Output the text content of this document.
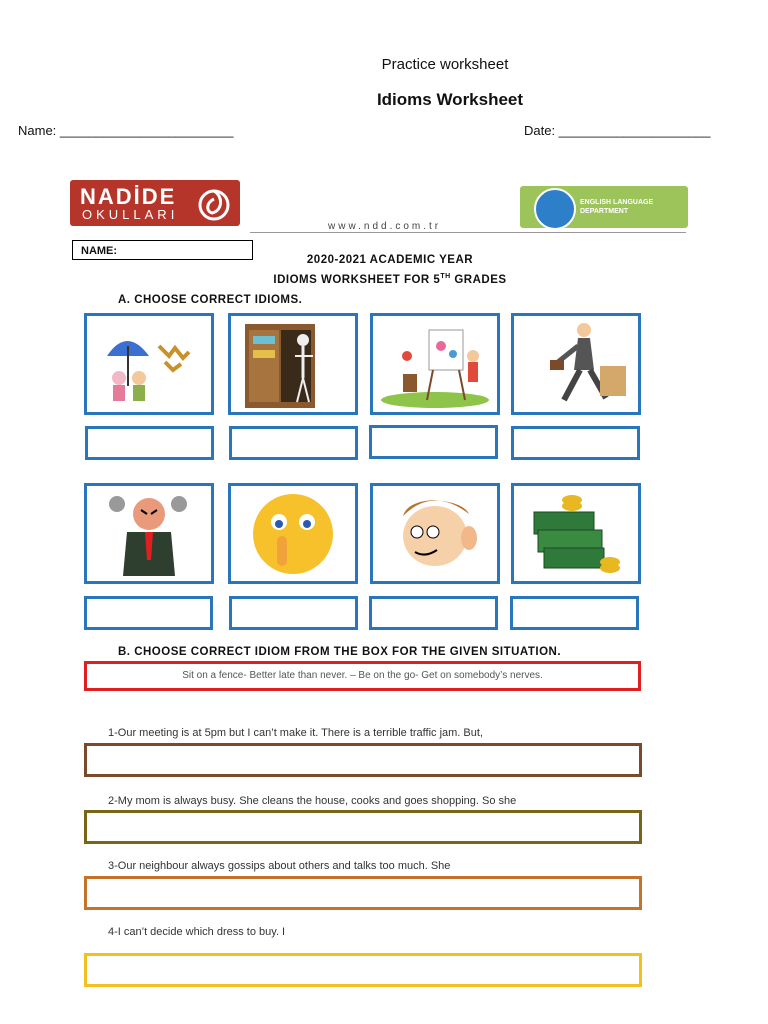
Practice worksheet
Idioms Worksheet
Name: ________________________	Date: _____________________
NADİDE
OKULLARI
www.ndd.com.tr
ENGLISH LANGUAGE
DEPARTMENT
NAME:
2020-2021 ACADEMIC YEAR
IDIOMS WORKSHEET FOR 5TH GRADES
A. CHOOSE CORRECT IDIOMS.
B. CHOOSE CORRECT IDIOM FROM THE BOX FOR THE GIVEN SITUATION.
Sit on a fence- Better late than never. – Be on the go- Get on somebody’s nerves.
1-Our meeting is at 5pm but I can’t make it. There is a terrible traffic jam. But,
2-My mom is always busy. She cleans the house, cooks and goes shopping. So she
3-Our neighbour always gossips about others and talks too much. She
4-I can’t decide which dress to buy. I
